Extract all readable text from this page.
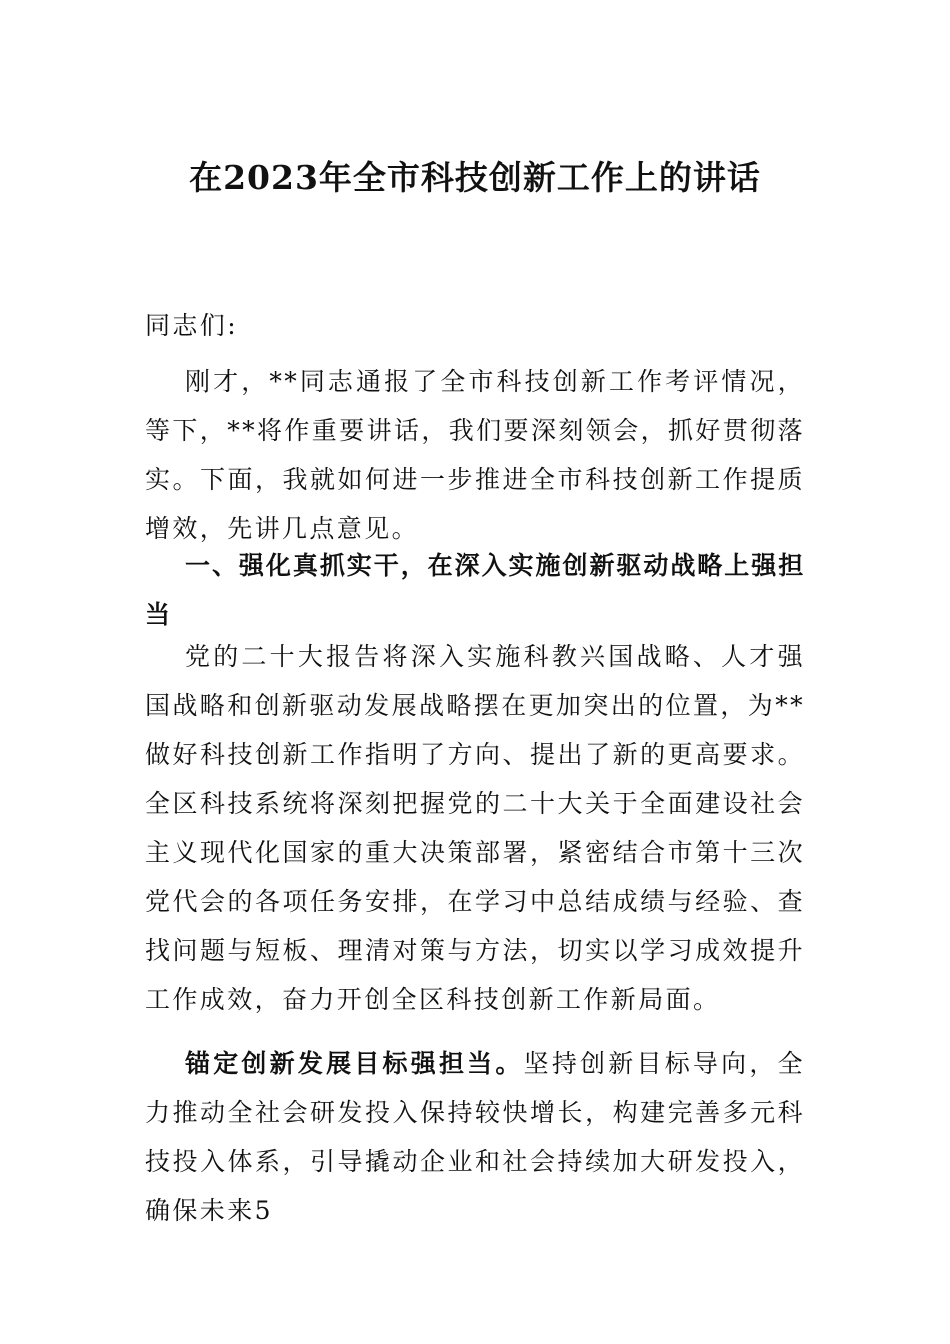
在2023年全市科技创新工作上的讲话

同志们:

刚才，**同志通报了全市科技创新工作考评情况，等下，**将作重要讲话，我们要深刻领会，抓好贯彻落实。下面，我就如何进一步推进全市科技创新工作提质增效，先讲几点意见。

一、强化真抓实干，在深入实施创新驱动战略上强担当

党的二十大报告将深入实施科教兴国战略、人才强国战略和创新驱动发展战略摆在更加突出的位置，为**做好科技创新工作指明了方向、提出了新的更高要求。全区科技系统将深刻把握党的二十大关于全面建设社会主义现代化国家的重大决策部署，紧密结合市第十三次党代会的各项任务安排，在学习中总结成绩与经验、查找问题与短板、理清对策与方法，切实以学习成效提升工作成效，奋力开创全区科技创新工作新局面。

锚定创新发展目标强担当。坚持创新目标导向，全力推动全社会研发投入保持较快增长，构建完善多元科技投入体系，引导撬动企业和社会持续加大研发投入，确保未来5
